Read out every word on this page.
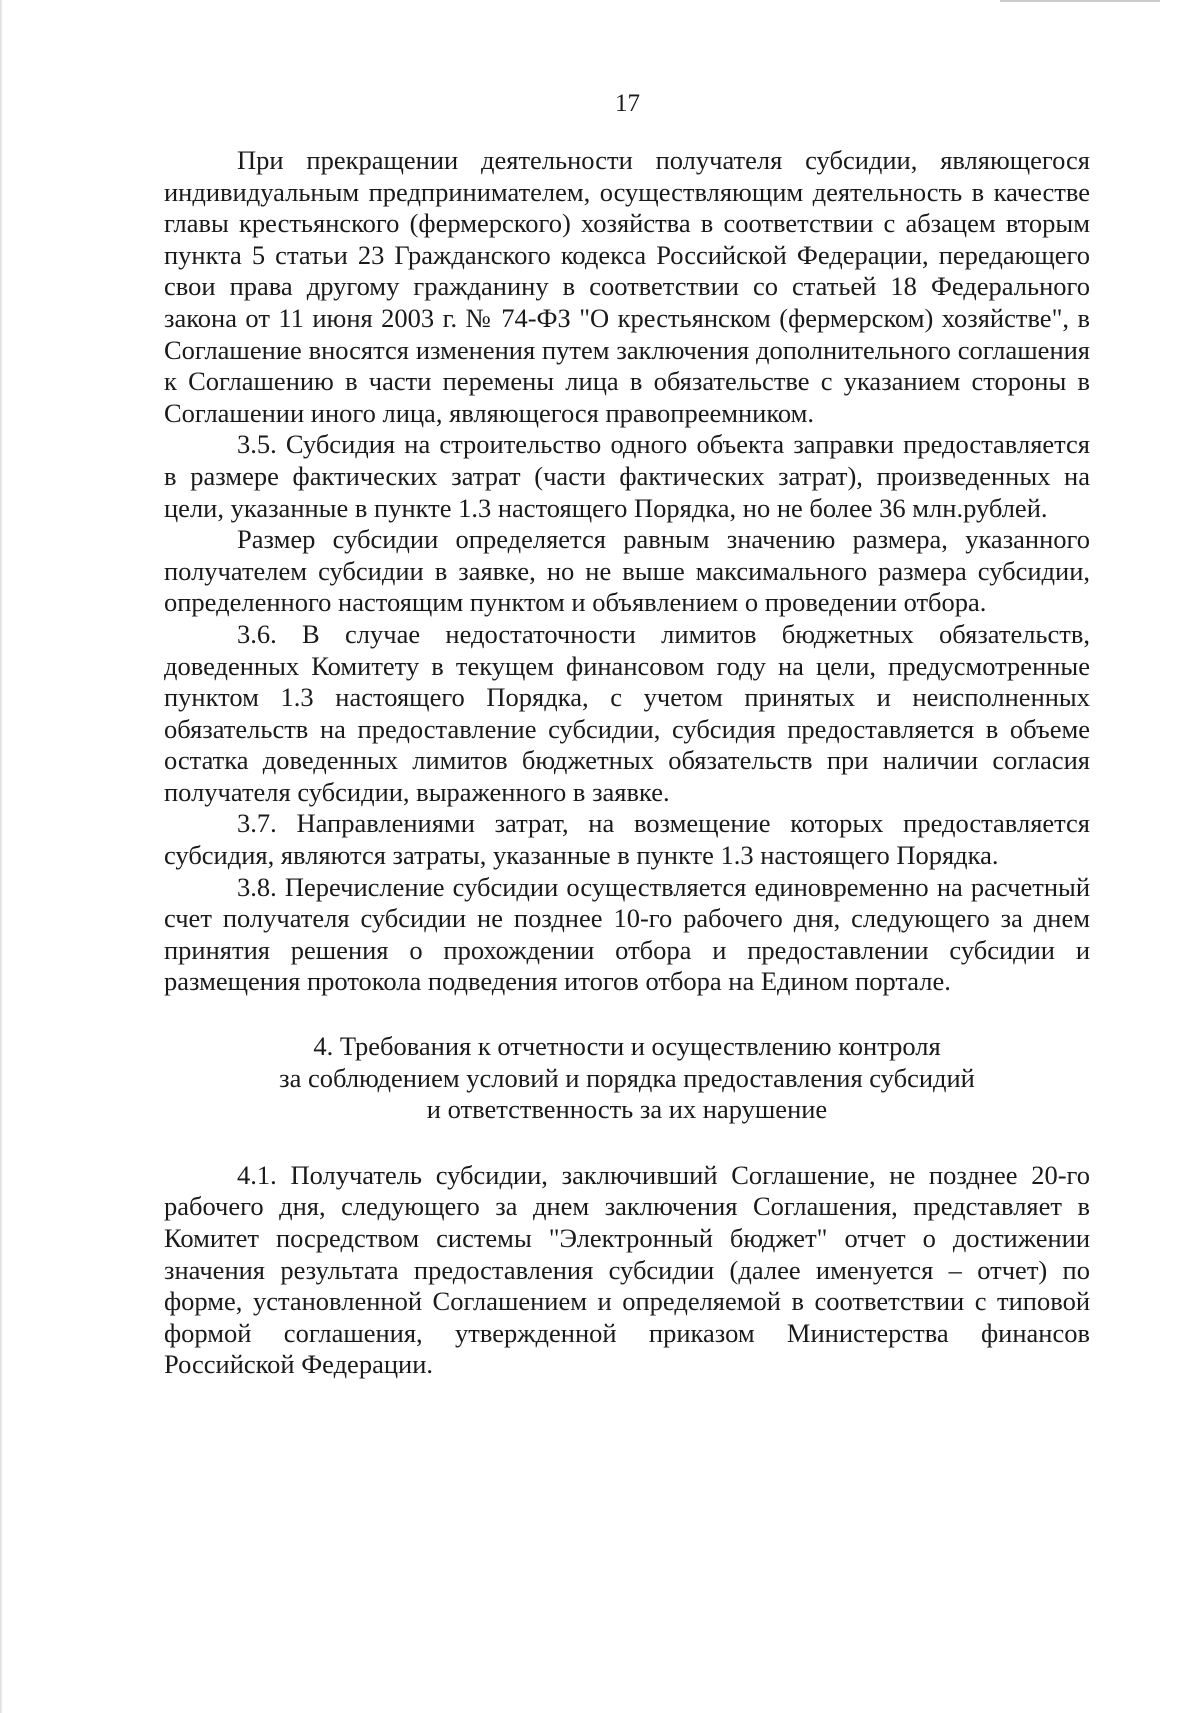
17

При прекращении деятельности получателя субсидии, являющегося индивидуальным предпринимателем, осуществляющим деятельность в качестве главы крестьянского (фермерского) хозяйства в соответствии с абзацем вторым пункта 5 статьи 23 Гражданского кодекса Российской Федерации, передающего свои права другому гражданину в соответствии со статьей 18 Федерального закона от 11 июня 2003 г. № 74-ФЗ "О крестьянском (фермерском) хозяйстве", в Соглашение вносятся изменения путем заключения дополнительного соглашения к Соглашению в части перемены лица в обязательстве с указанием стороны в Соглашении иного лица, являющегося правопреемником.

3.5. Субсидия на строительство одного объекта заправки предоставляется в размере фактических затрат (части фактических затрат), произведенных на цели, указанные в пункте 1.3 настоящего Порядка, но не более 36 млн.рублей.

Размер субсидии определяется равным значению размера, указанного получателем субсидии в заявке, но не выше максимального размера субсидии, определенного настоящим пунктом и объявлением о проведении отбора.

3.6. В случае недостаточности лимитов бюджетных обязательств, доведенных Комитету в текущем финансовом году на цели, предусмотренные пунктом 1.3 настоящего Порядка, с учетом принятых и неисполненных обязательств на предоставление субсидии, субсидия предоставляется в объеме остатка доведенных лимитов бюджетных обязательств при наличии согласия получателя субсидии, выраженного в заявке.

3.7. Направлениями затрат, на возмещение которых предоставляется субсидия, являются затраты, указанные в пункте 1.3 настоящего Порядка.

3.8. Перечисление субсидии осуществляется единовременно на расчетный счет получателя субсидии не позднее 10-го рабочего дня, следующего за днем принятия решения о прохождении отбора и предоставлении субсидии и размещения протокола подведения итогов отбора на Едином портале.

4. Требования к отчетности и осуществлению контроля
за соблюдением условий и порядка предоставления субсидий
и ответственность за их нарушение

4.1. Получатель субсидии, заключивший Соглашение, не позднее 20-го рабочего дня, следующего за днем заключения Соглашения, представляет в Комитет посредством системы "Электронный бюджет" отчет о достижении значения результата предоставления субсидии (далее именуется – отчет) по форме, установленной Соглашением и определяемой в соответствии с типовой формой соглашения, утвержденной приказом Министерства финансов Российской Федерации.
